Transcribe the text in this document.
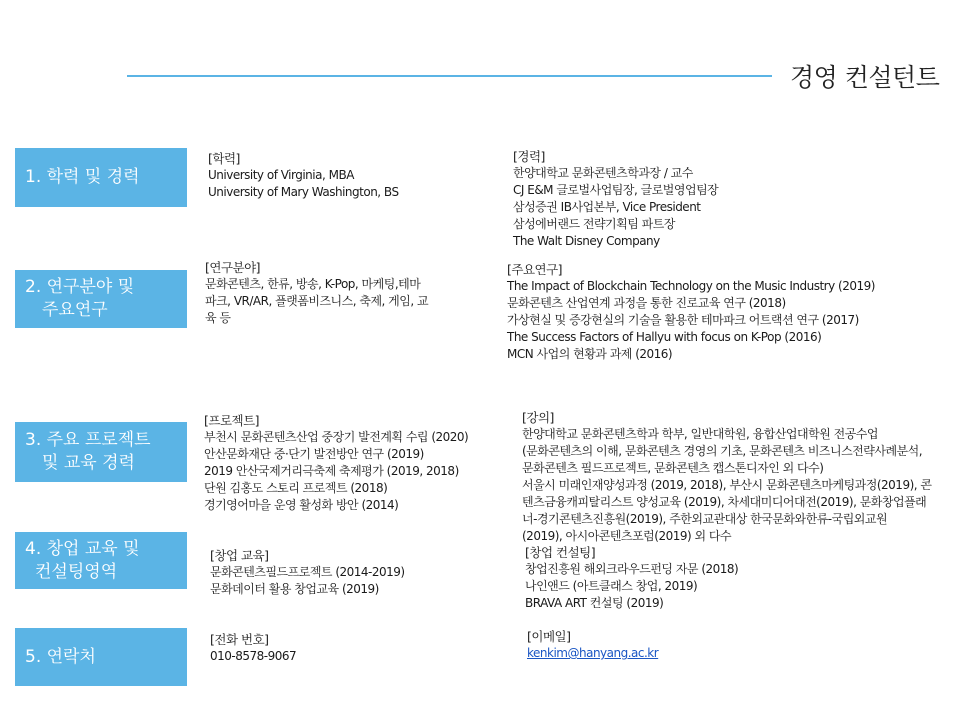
경영 컨설턴트
1. 학력 및 경력
2. 연구분야 및
주요연구
3. 주요 프로젝트
및 교육 경력
4. 창업 교육 및
컨설팅영역
5. 연락처
[학력]
University of Virginia, MBA
University of Mary Washington, BS
[경력]
한양대학교 문화콘텐츠학과장 / 교수
CJ E&M 글로벌사업팀장, 글로벌영업팀장
삼성증권 IB사업본부, Vice President
삼성에버랜드 전략기획팀 파트장
The Walt Disney Company
[연구분야]
문화콘텐츠, 한류, 방송, K-Pop, 마케팅,테마
파크, VR/AR, 플랫폼비즈니스, 축제, 게임, 교
육 등
[주요연구]
The Impact of Blockchain Technology on the Music Industry (2019)
문화콘텐츠 산업연계 과정을 통한 진로교육 연구 (2018)
가상현실 및 증강현실의 기술을 활용한 테마파크 어트랙션 연구 (2017)
The Success Factors of Hallyu with focus on K-Pop (2016)
MCN 사업의 현황과 과제 (2016)
[프로젝트]
부천시 문화콘텐츠산업 중장기 발전계획 수립 (2020)
안산문화재단 중·단기 발전방안 연구 (2019)
2019 안산국제거리극축제 축제평가 (2019, 2018)
단원 김홍도 스토리 프로젝트 (2018)
경기영어마을 운영 활성화 방안 (2014)
[강의]
한양대학교 문화콘텐츠학과 학부, 일반대학원, 융합산업대학원 전공수업
(문화콘텐츠의 이해, 문화콘텐츠 경영의 기초, 문화콘텐츠 비즈니스전략사례분석,
문화콘텐츠 필드프로젝트, 문화콘텐츠 캡스톤디자인 외 다수)
서울시 미래인재양성과정 (2019, 2018), 부산시 문화콘텐츠마케팅과정(2019), 콘
텐츠금융캐피탈리스트 양성교육 (2019), 차세대미디어대전(2019), 문화창업플래
너-경기콘텐츠진흥원(2019), 주한외교관대상 한국문화와한류-국립외교원
(2019), 아시아콘텐츠포럼(2019) 외 다수
[창업 교육]
문화콘텐츠필드프로젝트 (2014-2019)
문화데이터 활용 창업교육 (2019)
[창업 컨설팅]
창업진흥원 해외크라우드펀딩 자문 (2018)
나인앤드 (아트클래스 창업, 2019)
BRAVA ART 컨설팅 (2019)
[전화 번호]
010-8578-9067
[이메일]
kenkim@hanyang.ac.kr
